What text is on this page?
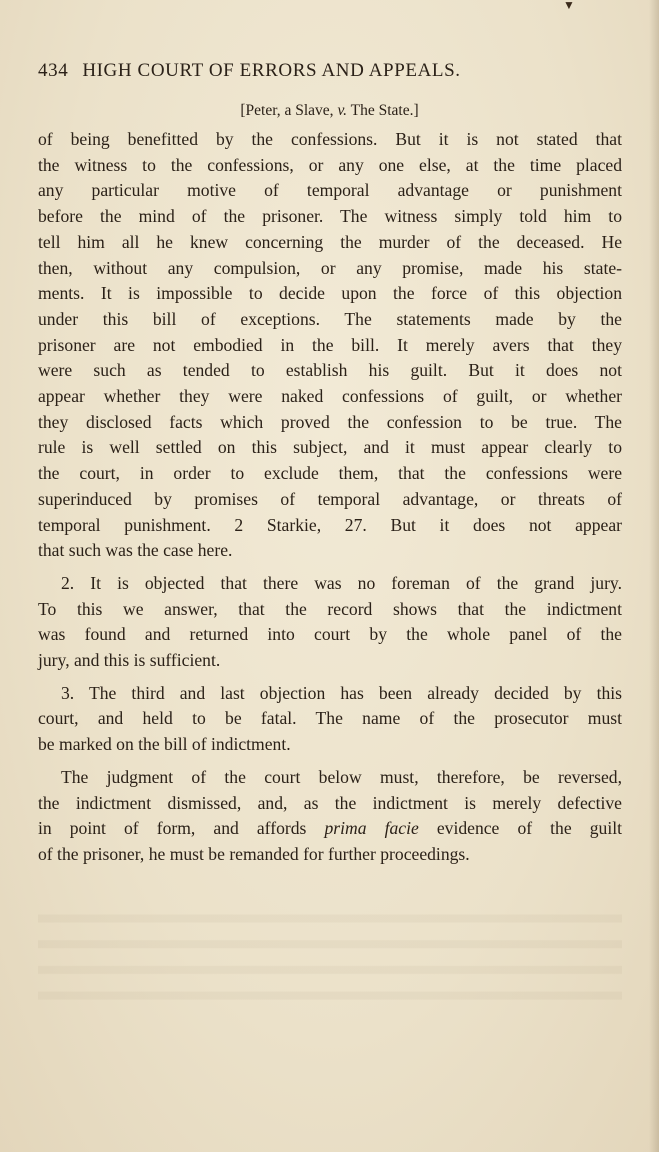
▼
434 HIGH COURT OF ERRORS AND APPEALS.
[Peter, a Slave, v. The State.]

of being benefitted by the confessions. But it is not stated that

the witness to the confessions, or any one else, at the time placed

any particular motive of temporal advantage or punishment

before the mind of the prisoner. The witness simply told him to

tell him all he knew concerning the murder of the deceased. He

then, without any compulsion, or any promise, made his state-

ments. It is impossible to decide upon the force of this objection

under this bill of exceptions. The statements made by the

prisoner are not embodied in the bill. It merely avers that they

were such as tended to establish his guilt. But it does not

appear whether they were naked confessions of guilt, or whether

they disclosed facts which proved the confession to be true. The

rule is well settled on this subject, and it must appear clearly to

the court, in order to exclude them, that the confessions were

superinduced by promises of temporal advantage, or threats of

temporal punishment. 2 Starkie, 27. But it does not appear

that such was the case here.

2. It is objected that there was no foreman of the grand jury.

To this we answer, that the record shows that the indictment

was found and returned into court by the whole panel of the

jury, and this is sufficient.

3. The third and last objection has been already decided by this

court, and held to be fatal. The name of the prosecutor must

be marked on the bill of indictment.

The judgment of the court below must, therefore, be reversed,

the indictment dismissed, and, as the indictment is merely defective

in point of form, and affords prima facie evidence of the guilt

of the prisoner, he must be remanded for further proceedings.
